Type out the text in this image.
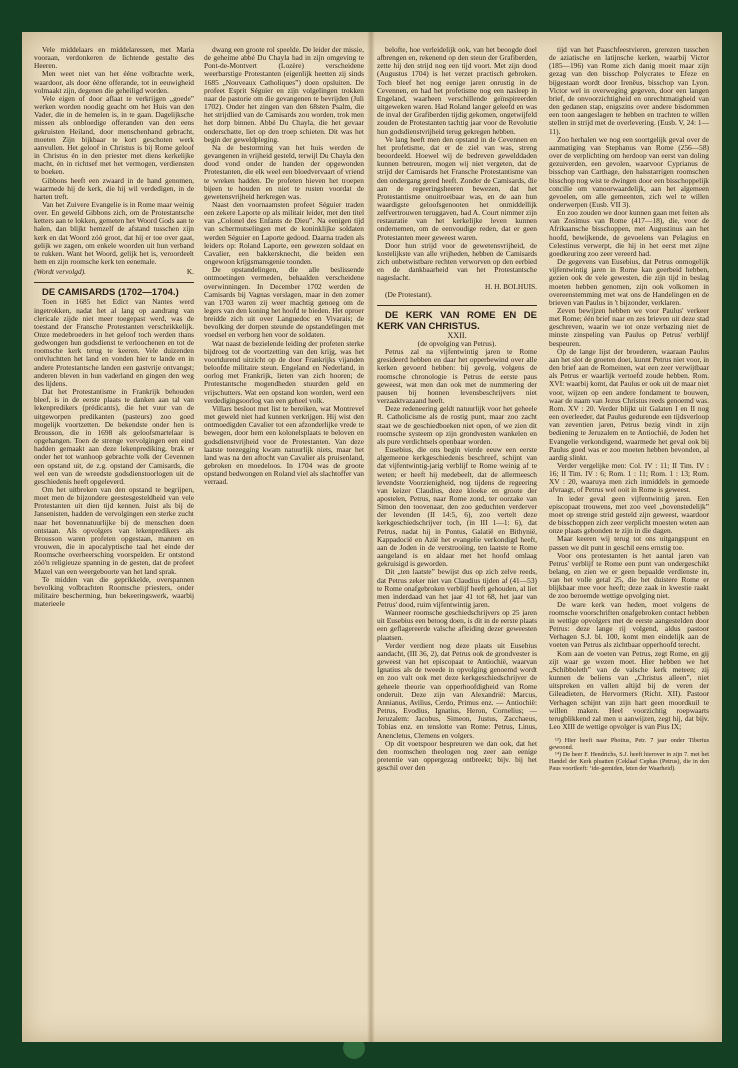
Vele middelaars en middelaressen, met Maria vooraan, verdonkeren de lichtende gestalte des Heeren.

Men weet niet van het éénе volbrachte werk, waardoor, als door ééne offerande, tot in eeuwigheid volmaakt zijn, degenen die geheiligd worden.

Vele eigen of door aflaat te verkrijgen „goede” werken worden noodig geacht om het Huis van den Vader, die in de hemelen is, in te gaan. Dagelijksche missen als onbloedige offeranden van den eens gekruisten Heiland, door menschenhand gebracht, moeten Zijn bijkbaar te kort geschoten werk aanvullen. Het geloof in Christus is bij Rome geloof in Christus én in den priester met diens kerkelijke macht, én in richtsef met het vermogen, verdiensten te boeken.

Gibbons heeft een zwaard in de hand genomen, waarmede hij de kerk, die hij wil verdedigen, in de harten treft.

Van het Zuivere Evangelie is in Rome maar weinig over. En geweld Gibbons zich, om de Protestantsche ketters aan te lokken, gemeten het Woord Gods aan te halen, dan blijkt hemzelf de afstand tusschen zijn kerk en dat Woord zóó groot, dat hij er toe over gaat, gelijk we zagen, om enkele woorden uit hun verband te rukken. Want het Woord, gelijk het is, veroordeelt hem en zijn roomsche kerk ten eenemale.

(Wordt vervolgd).	K.

DE CAMISARDS (1702—1704.)

Toen in 1685 het Edict van Nantes werd ingetrokken, nadat het al lang op aandrang van clericale zijde niet meer toegepast werd, was de toestand der Fransche Protestanten verschrikkelijk. Onze medebroeders in het geloof toch werden thans gedwongen hun godsdienst te verloochenen en tot de roomsche kerk terug te keeren. Vele duizenden ontvluchtten het land en vonden hier te lande en in andere Protestantsche landen een gastvrije ontvangst; anderen bleven in hun vaderland en gingen den weg des lijdens.

Dat het Protestantisme in Frankrijk behouden bleef, is in de eerste plaats te danken aan tal van lekenpredikers (prédicants), die het vuur van de uitgeworpen predikanten (pasteurs) zoo goed mogelijk voortzetten. De bekendste onder hen is Brousson, die in 1698 als geloofsmartelaar is opgehangen. Toen de strenge vervolgingen een eind hadden gemaakt aan deze lekenprediking, brak er onder het tot wanhoop gebrachte volk der Cevennen een opstand uit, de z.g. opstand der Camisards, die wel een van de wreedste godsdienstoorlogen uit de geschiedenis heeft opgeleverd.

Om het uitbreken van den opstand te begrijpen, moet men de bijzondere geestesgesteldheid van vele Protestanten uit dien tijd kennen. Juist als bij de Jansenisten, hadden de vervolgingen een sterke zucht naar het bovennatuurlijke bij de menschen doen ontstaan. Als opvolgers van lekenpredikers als Brousson waren profeten opgestaan, mannen en vrouwen, die in apocalyptische taal het einde der Roomsche overheersching voorspelden. Er ontstond zóó'n religieuze spanning in de gesten, dat de profeet Mazel van een weergeboorte van het land sprak.

Te midden van die geprikkelde, overspannen bevolking volbrachten Roomsche priesters, onder militaire bescherming, hun bekeeringswerk, waarbij materieele

dwang een groote rol speelde. De leider der missie, de geheime abbé Du Chayla had in zijn omgeving te Pont-de-Montvert (Lozère) verscheidene weerbarstige Protestanten (eigenlijk heetten zij sinds 1685 „Nouveaux Catholiques”) doen opsluiten. De profeet Esprit Séguier en zijn volgelingen trokken naar de pastorie om die gevangenen te bevrijden (Juli 1702). Onder het zingen van den 68sten Psalm, die het strijdlied van de Camisards zou worden, trok men het dorp binnen. Abbé Du Chayla, die het gevaar onderschatte, liet op den troep schieten. Dit was het begin der geweldpleging.

Na de bestorming van het huis werden de gevangenen in vrijheid gesteld, terwijl Du Chayla den dood vond onder de handen der opgewonden Protestanten, die elk weel een bloedvervaart of vriend te wreken hadden. De profeten hieven het troepen bijeen te houden en niet te rusten voordat de gewetensvrijheid herkregen was.

Naast den voornaamsten profeet Séguier traden een zekere Laporte op als militair leider, met den titel van „Colonel des Enfants de Dieu”. Na eenigen tijd van schermutselingen met de koninklijke soldaten werden Séguier en Laporte gedood. Daarna traden als leiders op: Roland Laporte, een gewezen soldaat en Cavalier, een bakkersknecht, die beiden een ongewoon krijgsmansgenie toonden.

De opstandelingen, die alle beslissende ontmoetingen vermeden, behaalden verscheidene overwinningen. In December 1702 werden de Camisards bij Vagnas verslagen, maar in den zomer van 1703 waren zij weer machtig genoeg om de legers van den koning het hoofd te bieden. Het oproer breidde zich uit over Languedoc en Vivarais; de bevolking der dorpen steunde de opstandelingen met voedsel en verborg hen voor de soldaten.

Wat naast de bezielende leiding der profeten sterke bijdroeg tot de voortzetting van den krijg, was het voortdurend uitzicht op de door Frankrijks vijanden beloofde militaire steun. Engeland en Nederland, in oorlog met Frankrijk, lieten van zich hooren; de Protestantsche mogendheden stuurden geld en vrijschutters. Wat een opstand kon worden, werd een verdedigingsoorlog van een geheel volk.

Villars besloot met list te bereiken, wat Montrevel met geweld niet had kunnen verkrijgen. Hij wist den ontmoedigden Cavalier tot een afzonderlijke vrede te bewegen, door hem een kolonelsplaats te beloven en godsdienstvrijheid voor de Protestanten. Van deze laatste toezegging kwam natuurlijk niets, maar het land was na den aftocht van Cavalier als pruisenland, gebroken en moedeloos. In 1704 was de groote opstand bedwongen en Roland viel als slachtoffer van verraad.

belofte, hoe verleidelijk ook, van het beoogde doel afbrengen en, rekenend op den steun der Grafiberden, zette hij den strijd nog een tijd voort. Met zijn dood (Augustus 1704) is het verzet practisch gebroken. Toch bleef het nog eenige jaren onrustig in de Cevennen, en had het profetisme nog een nasleep in Engeland, waarheen verschillende geïnspireerden uitgeweken waren. Had Roland langer geleefd en was de inval der Grafiberden tijdig gekomen, ongetwijfeld zouden de Protestanten tachtig jaar voor de Revolutie hun godsdienstvrijheid terug gekregen hebben.

Ve lang heeft men den opstand in de Cevennen en het profetisme, dat er de ziel van was, streng beoordeeld. Hoewel wij de bedreven gewelddaden kunnen betreuren, mogen wij niet vergeten, dat de strijd der Camisards het Fransche Protestantisme van den ondergang gered heeft. Zonder de Camisards, die aan de regeeringsheeren bewezen, dat het Protestantisme onuitroeibaar was, en de aan hun waardigste geloofsgenooten het onmiddellijk zelfvertrouwen teruggaven, had A. Court nimmer zijn restauratie van het kerkelijke leven kunnen ondernemen, om de eenvoudige reden, dat er geen Protestanten meer geweest waren.

Door hun strijd voor de gewetensvrijheid, de kostelijkste van alle vrijheden, hebben de Camisards zich onbetwistbare rechten verworven op den eerbied en de dankbaarheid van het Protestantsche nageslacht.

H. H. BOLHUIS.

(De Protestant).

DE KERK VAN ROME EN DE KERK VAN CHRISTUS.

XXII.

(de opvolging van Petrus).

Petrus zal na vijfentwintig jaren te Rome gresideerd hebben en daar het opperbewind over alle kerken gevoerd hebben: bij gevolg, volgens de roomsche chronologie is Petrus de eerste paus geweest, wat men dan ook met de nummering der pausen bij honnen levensbeschrijvers niet verzaaktvazaand heeft.

Deze redeneering geldt natuurlijk voor het geheele R. Catholicisme als de rostig punt, maar zoo zacht staat we de geschiedboeken niet open, of we zien dit roomsche systeem op zijn grondvesten wankelen en als pure verdichtsels openbaar worden.

Eusebius, die ons begin vierde eeuw een eerste algemeene kerkgeschiedenis beschreef, schijnt van dat vijfentwintig-jarig verblijf te Rome weinig af te weten; er heeft hij medebeelt, dat de allermeesch levendste Voorzienigheid, nog tijdens de regeering van keizer Claudius, deze kloeke en groote der apostelen, Petrus, naar Rome zond, ter oorzake van Simon den toovenaar, den zoo geduchten verderver der levenden (II 14:5, 6), zoo vertelt deze kerkgeschiedschrijver toch, (in III 1—1: 6), dat Petrus, nadat hij in Pontus, Galatië en Bithynië, Kappadocië en Azië het evangelie verkondigd heeft, aan de Joden in de verstrooiing, ten laatste te Rome aangeland is en aldaar met het hoofd omlaag gekruisigd is geworden.

Dit „ten laatste” bewijst dus op zich zelve reeds, dat Petrus zeker niet van Claudius tijden af (41—53) te Rome onafgebroken verblijf heeft gehouden, al liet men inderdaad van het jaar 41 tot 68, het jaar van Petrus' dood, ruim vijfentwintig jaren.

Wanneer roomsche geschiedschrijvers op 25 jaren uit Eusebius een betoog doen, is dit in de eerste plaats een geflagereerde valsche afleiding dezer geweesten plaatsen.

Verder verdient nog deze plaats uit Eusebius aandacht, (III 36, 2), dat Petrus ook de grondvester is geweest van het episcopaat te Antiochië, waarvan Ignatius als de tweede in opvolging genoemd wordt en zoo valt ook met deze kerkgeschiedschrijver de geheele theorie van opperhoofdigheid van Rome onderuit. Deze zijn van Alexandrië: Marcus, Annianus, Avilius, Cerdo, Primus enz. — Antiochië: Petrus, Evodius, Ignatius, Heron, Cornelius; — Jeruzalem: Jacobus, Simeon, Justus, Zacchaeus, Tobias enz. en tenslotte van Rome: Petrus, Linus, Anencletus, Clemens en volgers.

Op dit voetspoor bespreuren we dan ook, dat het den roomschen theologen nog zeer aan eenige pretentie van oppergezag ontbreekt; bijv. bij het geschil over den

tijd van het Paaschfeestvieren, grerezen tusschen de aziatische en latijnsche kerken, waarbij Victor (185—196) van Rome zich danig moeit maar zijn gezag van den bisschop Polycrates te Efeze en bijgestaan wordt door Irenëus, bisschop van Lyon. Victor wel in overweging gegeven, door een langen brief, de onvoorzichtigheid en onrechtmatigheid van den gedanen stap, enigszins over andere bisdommen een toon aangeslagen te hebben en trachten te willen stellen in strijd met de overlevering. (Eusb. V, 24: 1—11).

Zoo herhalen we nog een soortgelijk geval over de aanmatiging van Stephanus van Rome (256—58) over de verplichting om herdoop van eerst van doling gezuiverden, een gevolen, waarvoor Cyprianus de bisschop van Carthage, den halsstarrigen roomschen bisschop nog wist te dwingen door een bisschoppelijk concilie om vanoorwaardelijk, aan het algemeen gevoelen, om alle gemeenten, zich wel te willen onderwerpen (Eusb. VII 3).

En zoo zouden we door kunnen gaan met feiten als van Zosimus van Rome (417—18), die, voor de Afrikaansche bisschoppen, met Augustinus aan het hoofd, bewijkende, de gevoelens van Pelagius en Celestinus verwerpt, die hij in het eerst met zijne goedkeuring zoo zeer vereerd had.

De gegevens van Eusebius, dat Petrus onmogelijk vijfentwintig jaren in Rome kan geerbeid hebben, gezien ook de vele gewesten, die zijn tijd in beslag moeten hebben genomen, zijn ook volkomen in overeenstemming met wat ons de Handelingen en de brieven van Paulus in 't bijzonder, verklaren.

Zeven bewijzen hebben we voor Paulus' verkeer met Rome; één brief naar en zes brieven uit deze stad geschreven, waarin we tot onze verbazing niet de minste zinspeling van Paulus op Petrus' verblijf bespeuren.

Op de lange lijst der broederen, waaraan Paulus aan het slot de groeten doet, kunnt Petrus niet voor, in den brief aan de Romeinen, wat een zeer verwijtbaar als Petrus er waarlijk vertoefd zoude hebben. Rom. XVI: waarbij komt, dat Paulus er ook uit de maar niet voor, wijzen op een andere fondament te bouwen, waar de naam van Jezus Christus reeds genoemd was. Rom. XV : 20. Verder blijkt uit Galaten I en II nog een overleeder, dat Paulus gedurende een tijdsverloop van zeventien jaren, Petrus bezig vindt in zijn bediening te Jeruzalem en te Antiochië, de Joden het Evangelie verkondigend, waarmede het geval ook bij Paulus goed was er zoo moeten hebben bevonden, al aardig slinkt.

Verder vergelijke men: Col. IV : 11; II Tim. IV : 16; II Tim. IV : 6; Rom. 1 : 11; Rom. 1 : 13; Rom. XV : 20, waaruya men zich inmiddels in gemoede afvraagt, of Petrus wel ooit in Rome is geweest.

In ieder geval geen vijfentwintig jaren. Een episcopaat trouwens, met zoo veel „bovenstedelijk” moet op strenge strid gesteld zijn geweest, waardoor de bisschoppen zich zeer verplicht moesten weten aan onze plaats gebonden te zijn in die dagen.

Maar keeren wij terug tot ons uitgangspunt en passen we dit punt in geschil eens ernstig toe.

Voor ons protestanten is het aantal jaren van Petrus' verblijf te Rome een punt van ondergeschikt belang, en zien we er geen bepaalde verdienste in, van het volle getal 25, die het duistere Rome er blijkbaar mee voor heeft; deze zaak in kwestie raakt de zoo beroemde wettige opvolging niet.

De ware kerk van heden, moet volgens de roomsche voorschriften onafgebroken contact hebben in wettige opvolgers met de eerste aangestelden door Petrus: deze lange rij volgend, aldus pastoor Verhagen S.J. bl. 100, komt men eindelijk aan de voeten van Petrus als zichtbaar opperhoofd terecht.

Kom aan de voeten van Petrus, zegt Rome, en gij zijt waar ge wezen moet. Hier hebben we het „Schibboleth” van de valsche kerk meteen; zij kunnen de beliens van „Christus alleen”, niet uitspreken en vallen altijd bij de veren der Gileadieten, de Hervormers (Richt. XII). Pastoor Verhagen schijnt van zijn hart geen moordkuil te willen maken. Heel voorzichtig roepwaarts terugblikkend zal men u aanwijzen, zegt hij, dat bijv. Leo XIII de wettige opvolger is van Pius IX;

¹³) Hier heeft naar Photius, Petr. 7 jaar onder Tiberius gewoond.

¹⁴) De heer F. Hendrichs, S.J. heeft hierover in zijn 7. met het Handel der Kerk pluatten (Ceklaaf Cephas (Petrus), die in den Paus voortleeft: ‘ide-gemiden, leten der Waarheid).
